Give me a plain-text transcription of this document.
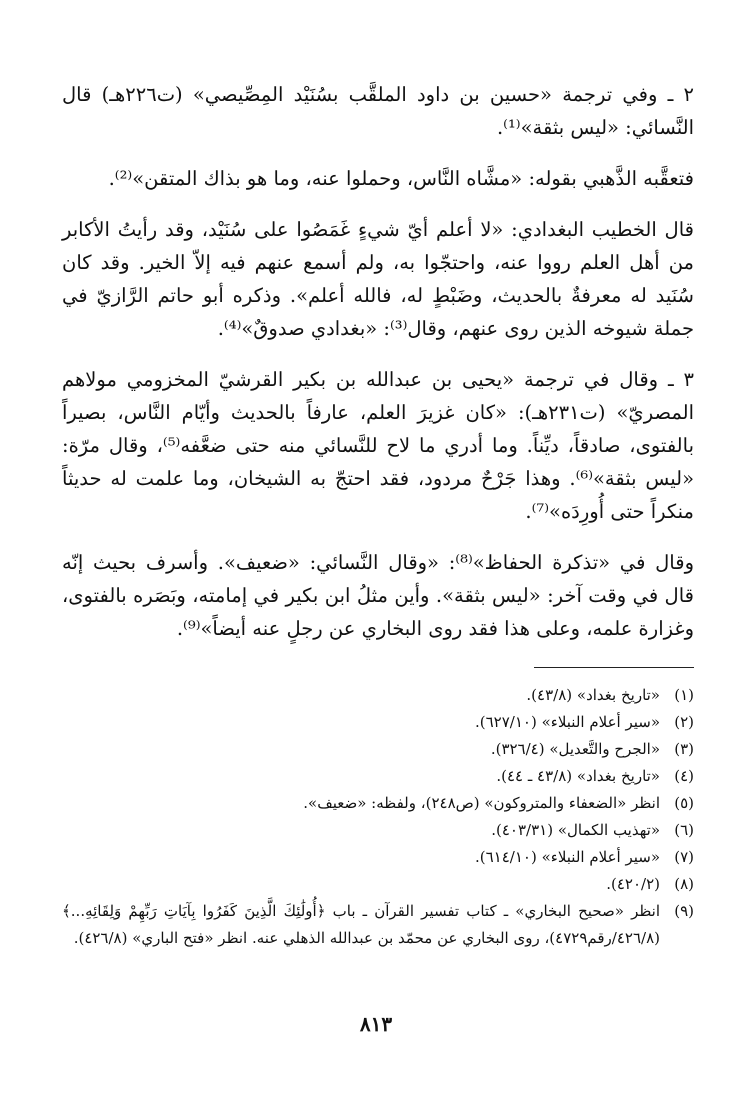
٢ ـ وفي ترجمة «حسين بن داود الملقَّب بسُنَيْد المِصِّيصي» (ت٢٢٦هـ) قال النَّسائي: «ليس بثقة»⁽¹⁾.

فتعقَّبه الذَّهبي بقوله: «مشَّاه النَّاس، وحملوا عنه، وما هو بذاك المتقن»⁽²⁾.

قال الخطيب البغدادي: «لا أعلم أيّ شيءٍ غَمَصُوا على سُنَيْد، وقد رأيتُ الأكابر من أهل العلم رووا عنه، واحتجّوا به، ولم أسمع عنهم فيه إلاّ الخير. وقد كان سُنَيد له معرفةٌ بالحديث، وضَبْطٍ له، فالله أعلم». وذكره أبو حاتم الرَّازيّ في جملة شيوخه الذين روى عنهم، وقال⁽³⁾: «بغدادي صدوقٌ»⁽⁴⁾.

٣ ـ وقال في ترجمة «يحيى بن عبدالله بن بكير القرشيّ المخزومي مولاهم المصريّ» (ت٢٣١هـ): «كان غزيرَ العلم، عارفاً بالحديث وأيّام النَّاس، بصيراً بالفتوى، صادقاً، ديِّناً. وما أدري ما لاح للنَّسائي منه حتى ضعَّفه⁽⁵⁾، وقال مرّة: «ليس بثقة»⁽⁶⁾. وهذا جَرْحٌ مردود، فقد احتجّ به الشيخان، وما علمت له حديثاً منكراً حتى أُورِدَه»⁽⁷⁾.

وقال في «تذكرة الحفاظ»⁽⁸⁾: «وقال النَّسائي: «ضعيف». وأسرف بحيث إنّه قال في وقت آخر: «ليس بثقة». وأين مثلُ ابن بكير في إمامته، وبَصَره بالفتوى، وغزارة علمه، وعلى هذا فقد روى البخاري عن رجلٍ عنه أيضاً»⁽⁹⁾.

(١)
«تاريخ بغداد» (٤٣/٨).
(٢)
«سير أعلام النبلاء» (٦٢٧/١٠).
(٣)
«الجرح والتَّعديل» (٣٢٦/٤).
(٤)
«تاريخ بغداد» (٤٣/٨ ـ ٤٤).
(٥)
انظر «الضعفاء والمتروكون» (ص٢٤٨)، ولفظه: «ضعيف».
(٦)
«تهذيب الكمال» (٤٠٣/٣١).
(٧)
«سير أعلام النبلاء» (٦١٤/١٠).
(٨)
(٤٢٠/٢).
(٩)
انظر «صحيح البخاري» ـ كتاب تفسير القرآن ـ باب ﴿أُولَٰئِكَ الَّذِينَ كَفَرُوا بِآيَاتِ رَبِّهِمْ وَلِقَائِهِ...﴾ (٤٢٦/٨/رقم٤٧٢٩)، روى البخاري عن محمّد بن عبدالله الذهلي عنه. انظر «فتح الباري» (٤٢٦/٨).
٨١٣
